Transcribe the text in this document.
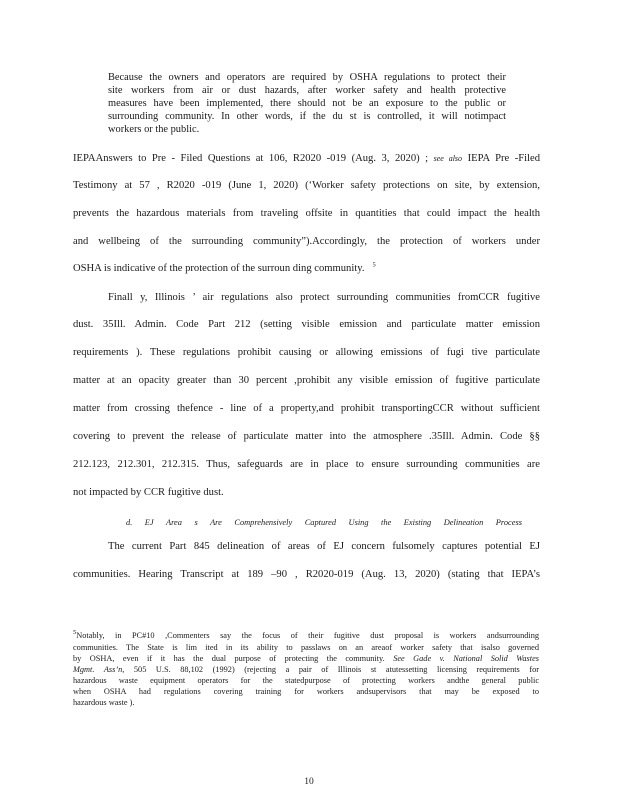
Because the owners and operators are required by OSHA regulations to protect their
site workers from air or dust hazards, after worker safety and health protective
measures have been implemented, there should not be an exposure to the public or
surrounding community. In other words, if the du st is controlled, it will notimpact
workers or the public.
IEPAAnswers to Pre - Filed Questions at 106, R2020 -019 (Aug. 3, 2020) ; see also IEPA Pre -Filed
Testimony at 57 , R2020 -019 (June 1, 2020) (‘Worker safety protections on site, by extension,
prevents the hazardous materials from traveling offsite in quantities that could impact the health
and wellbeing of the surrounding community”).Accordingly, the protection of workers under
OSHA is indicative of the protection of the surroun ding community. $^5$
Finall y, Illinois ’ air regulations also protect surrounding communities fromCCR fugitive
dust. 35Ill. Admin. Code Part 212 (setting visible emission and particulate matter emission
requirements ). These regulations prohibit causing or allowing emissions of fugi tive particulate
matter at an opacity greater than 30 percent ,prohibit any visible emission of fugitive particulate
matter from crossing thefence - line of a property,and prohibit transportingCCR without sufficient
covering to prevent the release of particulate matter into the atmosphere .35Ill. Admin. Code §§
212.123, 212.301, 212.315. Thus, safeguards are in place to ensure surrounding communities are
not impacted by CCR fugitive dust.
d. EJ Area s Are Comprehensively Captured Using the Existing Delineation Process
The current Part 845 delineation of areas of EJ concern fulsomely captures potential EJ
communities. Hearing Transcript at 189 –90 , R2020-019 (Aug. 13, 2020) (stating that IEPA’s
$^5$Notably, in PC#10 ,Commenters say the focus of their fugitive dust proposal is workers andsurrounding
communities. The State is lim ited in its ability to passlaws on an areaof worker safety that isalso governed
by OSHA, even if it has the dual purpose of protecting the community. See Gade v. National Solid Wastes
Mgmt. Ass’n, 505 U.S. 88,102 (1992) (rejecting a pair of Illinois st atutessetting licensing requirements for
hazardous waste equipment operators for the statedpurpose of protecting workers andthe general public
when OSHA had regulations covering training for workers andsupervisors that may be exposed to
hazardous waste ).
10
